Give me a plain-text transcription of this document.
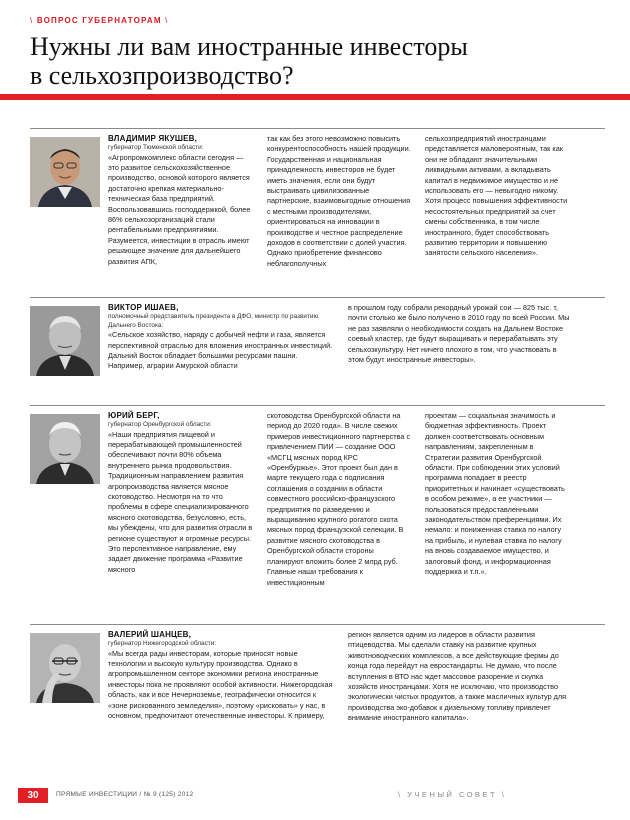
\ ВОПРОС ГУБЕРНАТОРАМ \
Нужны ли вам иностранные инвесторы
в сельхозпроизводство?
ВЛАДИМИР ЯКУШЕВ,
губернатор Тюменской области:

«Агропромкомплекс области сегодня — это развитое сельскохозяйственное производство, основой которого является достаточно крепкая материально-техническая база предприятий. Воспользовавшись господдержкой, более 86% сельхозорганизаций стали рентабельными предприятиями. Разумеется, инвестиции в отрасль имеют решающее значение для дальнейшего развития АПК,

так как без этого невозможно повысить конкурентоспособность нашей продукции. Государственная и национальная принадлежность инвесторов не будет иметь значения, если они будут выстраивать цивилизованные партнерские, взаимовыгодные отношения с местными производителями, ориентироваться на инновации в производстве и честное распределение доходов в соответствии с долей участия. Однако приобретение финансово неблагополучных

сельхозпредприятий иностранцами представляется маловероятным, так как они не обладают значительными ликвидными активами, а вкладывать капитал в недвижимое имущество и не использовать его — невыгодно никому. Хотя процесс повышения эффективности несостоятельных предприятий за счет смены собственника, в том числе иностранного, будет способствовать развитию территории и повышению занятости сельского населения».

ВИКТОР ИШАЕВ,
полномочный представитель президента в ДФО, министр по развитию Дальнего Востока:

«Сельское хозяйство, наряду с добычей нефти и газа, является перспективной отраслью для вложения иностранных инвестиций. Дальний Восток обладает большими ресурсами пашни. Например, аграрии Амурской области

в прошлом году собрали рекордный урожай сои — 825 тыс. т, почти столько же было получено в 2010 году по всей России. Мы не раз заявляли о необходимости создать на Дальнем Востоке соевый кластер, где будут выращивать и перерабатывать эту сельхозкультуру. Нет ничего плохого в том, что участвовать в этом будут иностранные инвесторы».

ЮРИЙ БЕРГ,
губернатор Оренбургской области:

«Наши предприятия пищевой и перерабатывающей промышленностей обеспечивают почти 80% объема внутреннего рынка продовольствия. Традиционным направлением развития агропроизводства является мясное скотоводство. Несмотря на то что проблемы в сфере специализированного мясного скотоводства, безусловно, есть, мы убеждены, что для развития отрасли в регионе существуют и огромные ресурсы. Это перспективное направление, ему задает движение программа «Развитие мясного

скотоводства Оренбургской области на период до 2020 года». В числе свежих примеров инвестиционного партнерства с привлечением ПИИ — создание ООО «МСГЦ мясных пород КРС «Оренбуржье». Этот проект был дан в марте текущего года с подписания соглашения о создании в области совместного российско-французского предприятия по разведению и выращиванию крупного рогатого скота мясных пород французской селекции. В развитие мясного скотоводства в Оренбургской области стороны планируют вложить более 2 млрд руб. Главные наши требования к инвестиционным

проектам — социальная значимость и бюджетная эффективность. Проект должен соответствовать основным направлениям, закрепленным в Стратегии развития Оренбургской области. При соблюдении этих условий программа попадает в реестр приоритетных и начинает «существовать в особом режиме», а ее участники — пользоваться предоставленными законодательством преференциями. Их немало: и пониженная ставка по налогу на прибыль, и нулевая ставка по налогу на вновь создаваемое имущество, и залоговый фонд, и информационная поддержка и т.п.».

ВАЛЕРИЙ ШАНЦЕВ,
губернатор Нижегородской области:

«Мы всегда рады инвесторам, которые приносят новые технологии и высокую культуру производства. Однако в агропромышленном секторе экономики региона иностранные инвесторы пока не проявляют особой активности. Нижегородская область, как и все Нечерноземье, географически относится к «зоне рискованного земледелия», поэтому «рисковать» у нас, в основном, предпочитают отечественные инвесторы. К примеру,

регион является одним из лидеров в области развития птицеводства. Мы сделали ставку на развитие крупных животноводческих комплексов, а все действующие фермы до конца года перейдут на евростандарты. Не думаю, что после вступления в ВТО нас ждет массовое разорение и скупка хозяйств иностранцами. Хотя не исключаю, что производство экологически чистых продуктов, а также масличных культур для производства эко-добавок к дизельному топливу привлечет внимание иностранного капитала».

30	ПРЯМЫЕ ИНВЕСТИЦИИ / № 9 (125) 2012	\ УЧЕНЫЙ СОВЕТ \
